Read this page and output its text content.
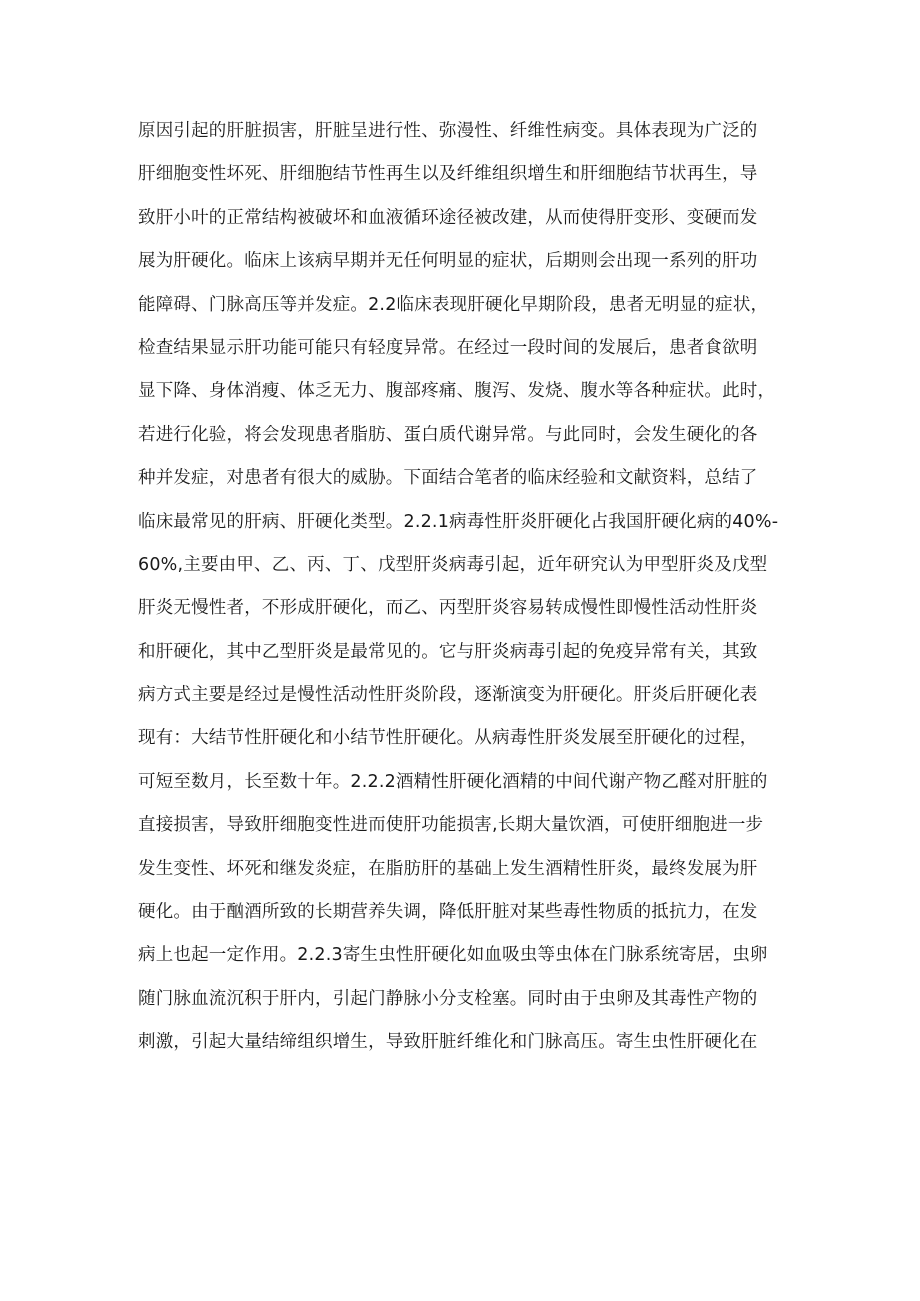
原因引起的肝脏损害，肝脏呈进行性、弥漫性、纤维性病变。具体表现为广泛的
肝细胞变性坏死、肝细胞结节性再生以及纤维组织增生和肝细胞结节状再生，导
致肝小叶的正常结构被破坏和血液循环途径被改建，从而使得肝变形、变硬而发
展为肝硬化。临床上该病早期并无任何明显的症状，后期则会出现一系列的肝功
能障碍、门脉高压等并发症。2.2临床表现肝硬化早期阶段，患者无明显的症状，
检查结果显示肝功能可能只有轻度异常。在经过一段时间的发展后，患者食欲明
显下降、身体消瘦、体乏无力、腹部疼痛、腹泻、发烧、腹水等各种症状。此时，
若进行化验，将会发现患者脂肪、蛋白质代谢异常。与此同时，会发生硬化的各
种并发症，对患者有很大的威胁。下面结合笔者的临床经验和文献资料，总结了
临床最常见的肝病、肝硬化类型。2.2.1病毒性肝炎肝硬化占我国肝硬化病的40%-
60%,主要由甲、乙、丙、丁、戊型肝炎病毒引起，近年研究认为甲型肝炎及戊型
肝炎无慢性者，不形成肝硬化，而乙、丙型肝炎容易转成慢性即慢性活动性肝炎
和肝硬化，其中乙型肝炎是最常见的。它与肝炎病毒引起的免疫异常有关，其致
病方式主要是经过是慢性活动性肝炎阶段，逐渐演变为肝硬化。肝炎后肝硬化表
现有：大结节性肝硬化和小结节性肝硬化。从病毒性肝炎发展至肝硬化的过程，
可短至数月，长至数十年。2.2.2酒精性肝硬化酒精的中间代谢产物乙醛对肝脏的
直接损害，导致肝细胞变性进而使肝功能损害,长期大量饮酒，可使肝细胞进一步
发生变性、坏死和继发炎症，在脂肪肝的基础上发生酒精性肝炎，最终发展为肝
硬化。由于酗酒所致的长期营养失调，降低肝脏对某些毒性物质的抵抗力，在发
病上也起一定作用。2.2.3寄生虫性肝硬化如血吸虫等虫体在门脉系统寄居，虫卵
随门脉血流沉积于肝内，引起门静脉小分支栓塞。同时由于虫卵及其毒性产物的
刺激，引起大量结缔组织增生，导致肝脏纤维化和门脉高压。寄生虫性肝硬化在
